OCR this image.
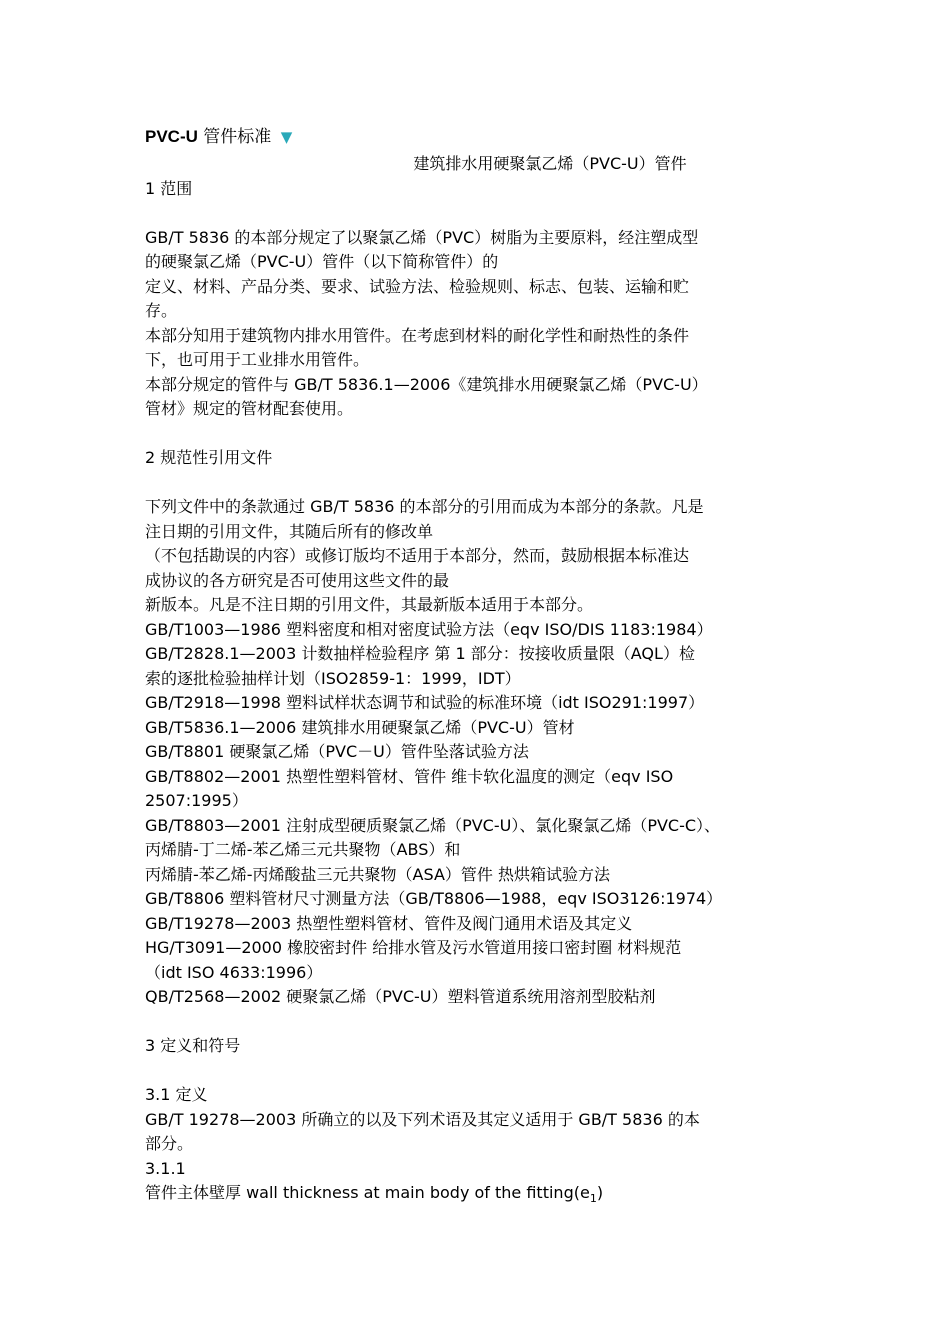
PVC-U 管件标准 ▼

建筑排水用硬聚氯乙烯（PVC-U）管件

1 范围

GB/T 5836 的本部分规定了以聚氯乙烯（PVC）树脂为主要原料，经注塑成型

的硬聚氯乙烯（PVC-U）管件（以下简称管件）的

定义、材料、产品分类、要求、试验方法、检验规则、标志、包装、运输和贮

存。

本部分知用于建筑物内排水用管件。在考虑到材料的耐化学性和耐热性的条件

下，也可用于工业排水用管件。

本部分规定的管件与 GB/T 5836.1—2006《建筑排水用硬聚氯乙烯（PVC-U）

管材》规定的管材配套使用。

2 规范性引用文件

下列文件中的条款通过 GB/T 5836 的本部分的引用而成为本部分的条款。凡是

注日期的引用文件，其随后所有的修改单

（不包括勘误的内容）或修订版均不适用于本部分，然而，鼓励根据本标准达

成协议的各方研究是否可使用这些文件的最

新版本。凡是不注日期的引用文件，其最新版本适用于本部分。

GB/T1003—1986 塑料密度和相对密度试验方法（eqv ISO/DIS 1183:1984）

GB/T2828.1—2003 计数抽样检验程序 第 1 部分：按接收质量限（AQL）检

索的逐批检验抽样计划（ISO2859-1：1999，IDT）

GB/T2918—1998 塑料试样状态调节和试验的标准环境（idt ISO291:1997）

GB/T5836.1—2006 建筑排水用硬聚氯乙烯（PVC-U）管材

GB/T8801 硬聚氯乙烯（PVC－U）管件坠落试验方法

GB/T8802—2001 热塑性塑料管材、管件 维卡软化温度的测定（eqv ISO

2507:1995）

GB/T8803—2001 注射成型硬质聚氯乙烯（PVC-U）、氯化聚氯乙烯（PVC-C）、

丙烯腈-丁二烯-苯乙烯三元共聚物（ABS）和

丙烯腈-苯乙烯-丙烯酸盐三元共聚物（ASA）管件 热烘箱试验方法

GB/T8806 塑料管材尺寸测量方法（GB/T8806—1988，eqv ISO3126:1974）

GB/T19278—2003 热塑性塑料管材、管件及阀门通用术语及其定义

HG/T3091—2000 橡胶密封件 给排水管及污水管道用接口密封圈 材料规范

（idt ISO 4633:1996）

QB/T2568—2002 硬聚氯乙烯（PVC-U）塑料管道系统用溶剂型胶粘剂

3 定义和符号

3.1 定义

GB/T 19278—2003 所确立的以及下列术语及其定义适用于 GB/T 5836 的本

部分。

3.1.1

管件主体壁厚 wall thickness at main body of the $fitting(e_1)$
